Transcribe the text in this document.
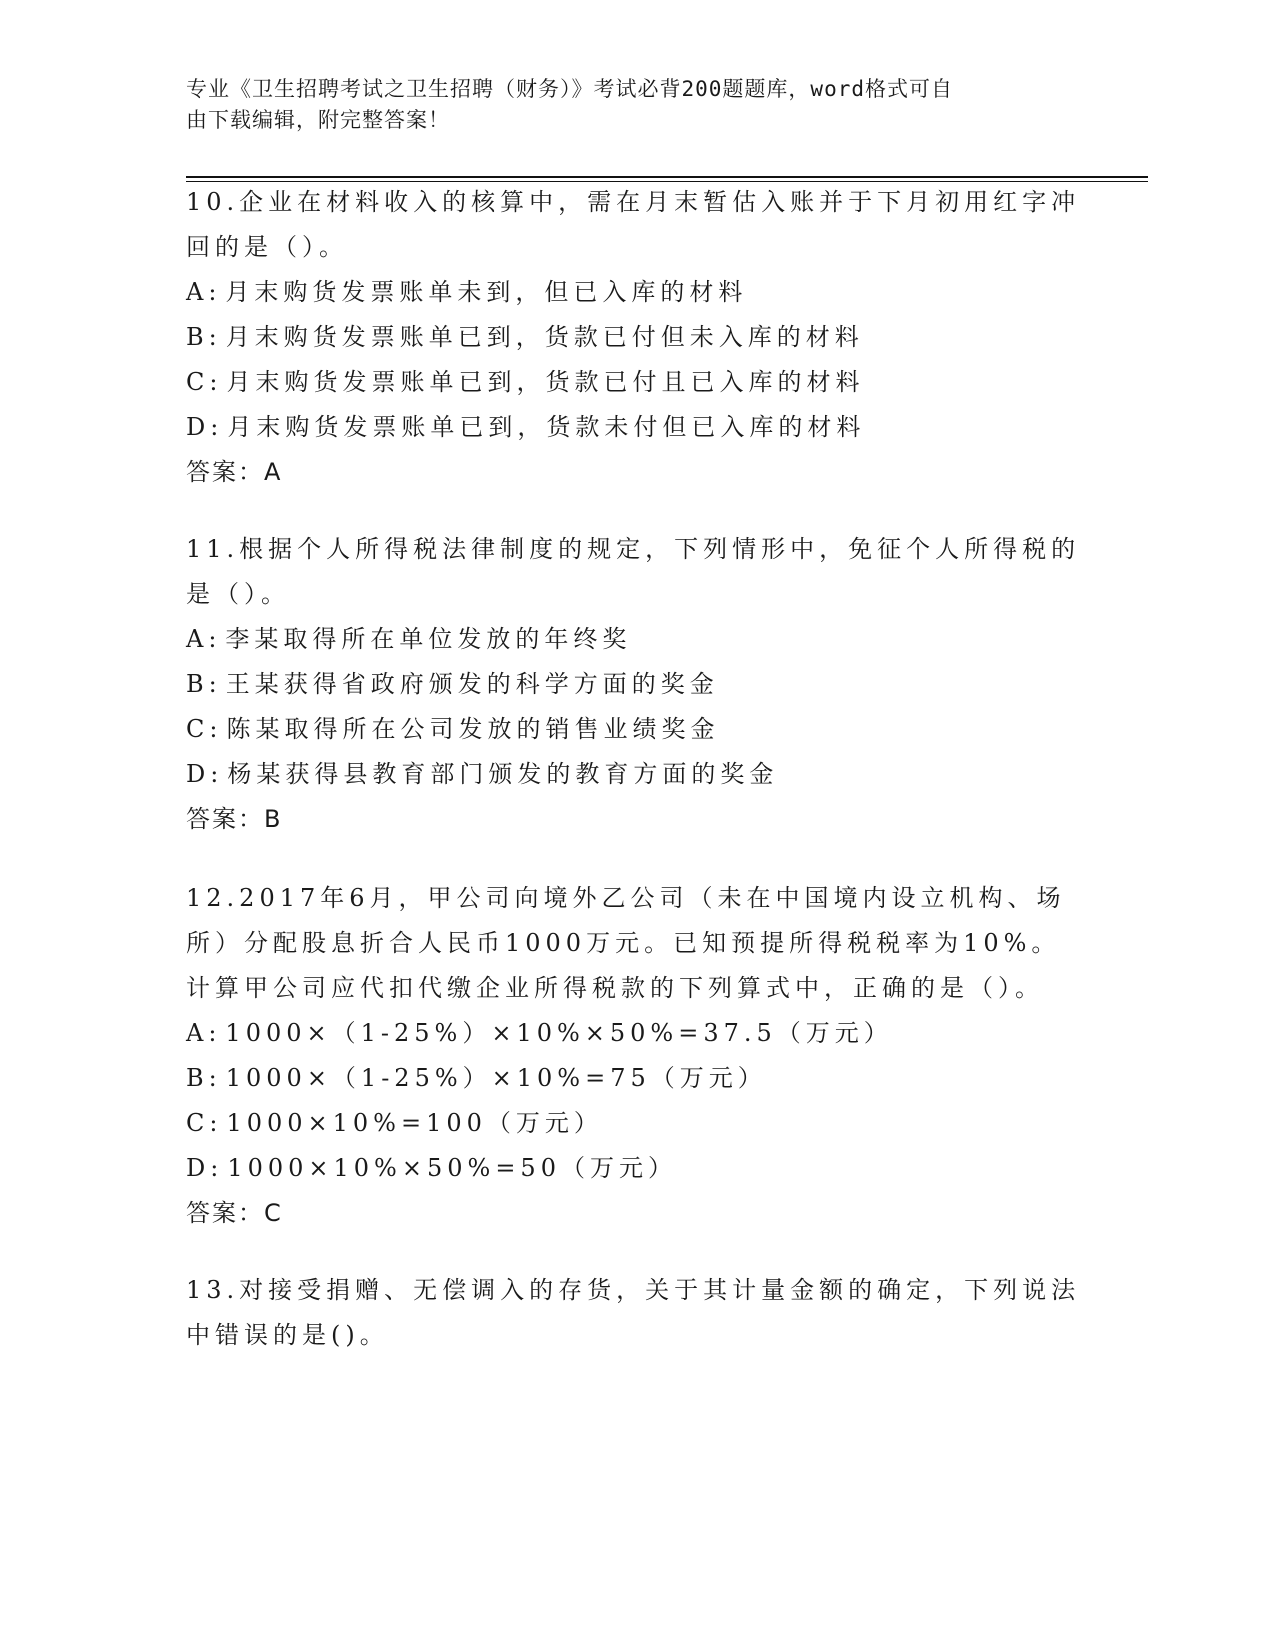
专业《卫生招聘考试之卫生招聘（财务）》考试必背200题题库，word格式可自
由下载编辑，附完整答案！

10.企业在材料收入的核算中，需在月末暂估入账并于下月初用红字冲回的是（）。

A: 月末购货发票账单未到，但已入库的材料

B: 月末购货发票账单已到，货款已付但未入库的材料

C: 月末购货发票账单已到，货款已付且已入库的材料

D: 月末购货发票账单已到，货款未付但已入库的材料

答案：A

11.根据个人所得税法律制度的规定，下列情形中，免征个人所得税的是（）。

A: 李某取得所在单位发放的年终奖

B: 王某获得省政府颁发的科学方面的奖金

C: 陈某取得所在公司发放的销售业绩奖金

D: 杨某获得县教育部门颁发的教育方面的奖金

答案：B

12.2017年6月，甲公司向境外乙公司（未在中国境内设立机构、场所）分配股息折合人民币1000万元。已知预提所得税税率为10%。计算甲公司应代扣代缴企业所得税款的下列算式中，正确的是（）。

A: 1000×（1-25%）×10%×50%=37.5（万元）

B: 1000×（1-25%）×10%=75（万元）

C: 1000×10%=100（万元）

D: 1000×10%×50%=50（万元）

答案：C

13.对接受捐赠、无偿调入的存货，关于其计量金额的确定，下列说法中错误的是()。
